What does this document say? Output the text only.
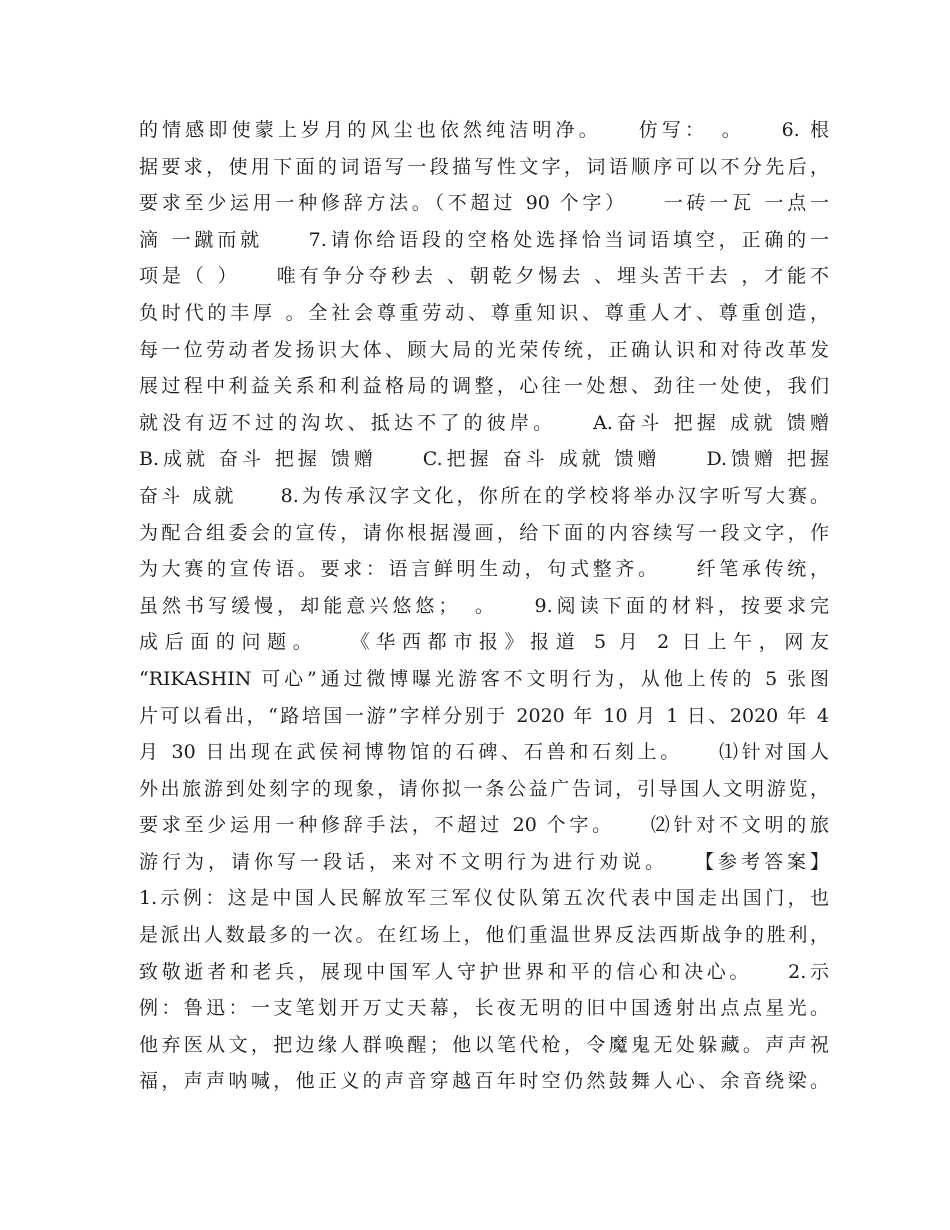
的情感即使蒙上岁月的风尘也依然纯洁明净。　　仿写：　。　　6. 根
据要求，使用下面的词语写一段描写性文字，词语顺序可以不分先后，
要求至少运用一种修辞方法。（不超过 90 个字）　　一砖一瓦 一点一
滴 一蹴而就　　7.请你给语段的空格处选择恰当词语填空，正确的一
项是（ ）　　唯有争分夺秒去 、朝乾夕惕去 、埋头苦干去 ，才能不
负时代的丰厚 。全社会尊重劳动、尊重知识、尊重人才、尊重创造，
每一位劳动者发扬识大体、顾大局的光荣传统，正确认识和对待改革发
展过程中利益关系和利益格局的调整，心往一处想、劲往一处使，我们
就没有迈不过的沟坎、抵达不了的彼岸。　　A.奋斗 把握 成就 馈赠
B.成就 奋斗 把握 馈赠　　C.把握 奋斗 成就 馈赠　　D.馈赠 把握
奋斗 成就　　8.为传承汉字文化，你所在的学校将举办汉字听写大赛。
为配合组委会的宣传，请你根据漫画，给下面的内容续写一段文字，作
为大赛的宣传语。要求：语言鲜明生动，句式整齐。　　纤笔承传统，
虽然书写缓慢，却能意兴悠悠；　。　　9.阅读下面的材料，按要求完
成后面的问题。　　《华西都市报》报道 5 月 2 日上午，网友
“RIKASHIN 可心”通过微博曝光游客不文明行为，从他上传的 5 张图
片可以看出，“路培国一游”字样分别于 2020 年 10 月 1 日、2020 年 4
月 30 日出现在武侯祠博物馆的石碑、石兽和石刻上。　　⑴针对国人
外出旅游到处刻字的现象，请你拟一条公益广告词，引导国人文明游览，
要求至少运用一种修辞手法，不超过 20 个字。　　⑵针对不文明的旅
游行为，请你写一段话，来对不文明行为进行劝说。　　【参考答案】
1.示例：这是中国人民解放军三军仪仗队第五次代表中国走出国门，也
是派出人数最多的一次。在红场上，他们重温世界反法西斯战争的胜利，
致敬逝者和老兵，展现中国军人守护世界和平的信心和决心。　　2.示
例：鲁迅：一支笔划开万丈天幕，长夜无明的旧中国透射出点点星光。
他弃医从文，把边缘人群唤醒；他以笔代枪，令魔鬼无处躲藏。声声祝
福，声声呐喊，他正义的声音穿越百年时空仍然鼓舞人心、余音绕梁。
